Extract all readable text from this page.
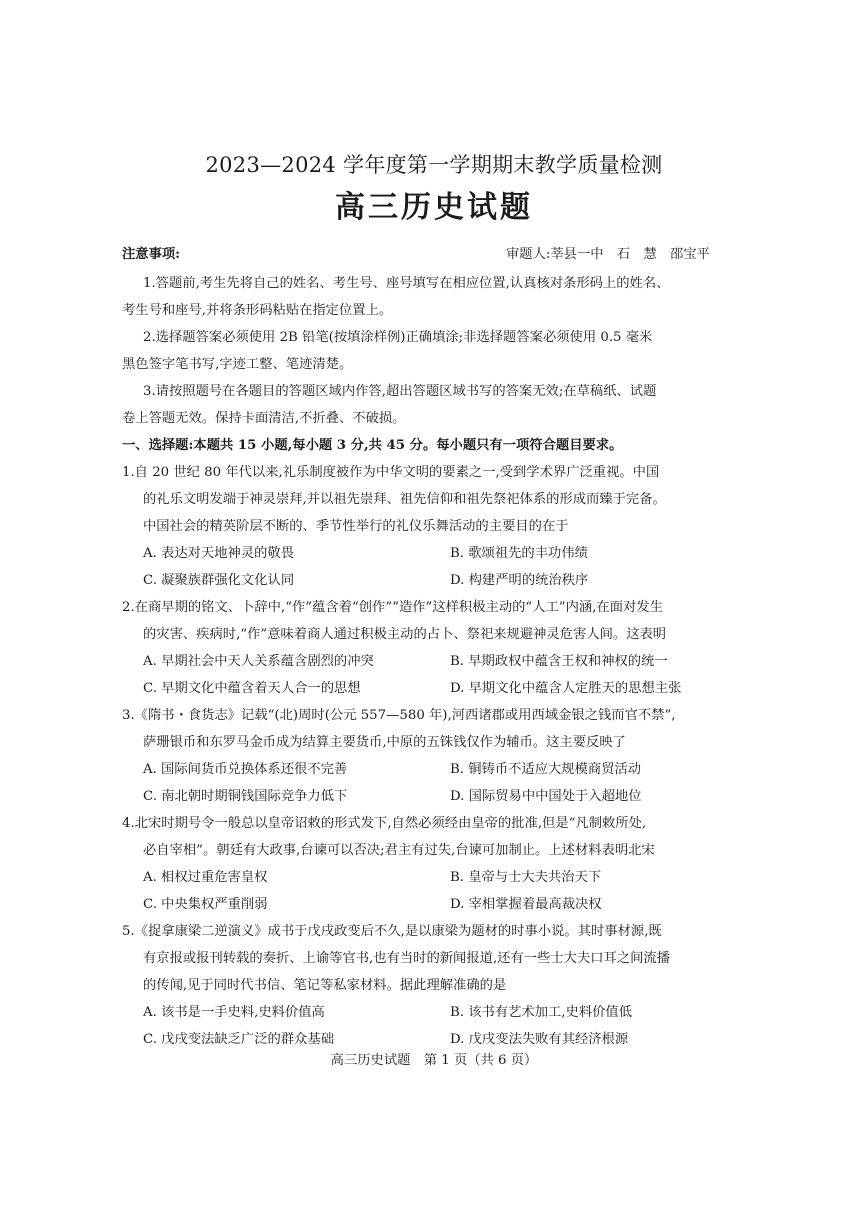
2023—2024 学年度第一学期期末教学质量检测
高三历史试题
注意事项:	审题人:莘县一中　石　慧　邵宝平
1.答题前,考生先将自己的姓名、考生号、座号填写在相应位置,认真核对条形码上的姓名、
考生号和座号,并将条形码粘贴在指定位置上。
2.选择题答案必须使用 2B 铅笔(按填涂样例)正确填涂;非选择题答案必须使用 0.5 毫米
黑色签字笔书写,字迹工整、笔迹清楚。
3.请按照题号在各题目的答题区域内作答,超出答题区域书写的答案无效;在草稿纸、试题
卷上答题无效。保持卡面清洁,不折叠、不破损。
一、选择题:本题共 15 小题,每小题 3 分,共 45 分。每小题只有一项符合题目要求。
1.自 20 世纪 80 年代以来,礼乐制度被作为中华文明的要素之一,受到学术界广泛重视。中国
的礼乐文明发端于神灵崇拜,并以祖先崇拜、祖先信仰和祖先祭祀体系的形成而臻于完备。
中国社会的精英阶层不断的、季节性举行的礼仪乐舞活动的主要目的在于
A. 表达对天地神灵的敬畏	B. 歌颂祖先的丰功伟绩
C. 凝聚族群强化文化认同	D. 构建严明的统治秩序
2.在商早期的铭文、卜辞中,“作”蕴含着“创作”“造作”这样积极主动的“人工”内涵,在面对发生
的灾害、疾病时,“作”意味着商人通过积极主动的占卜、祭祀来规避神灵危害人间。这表明
A. 早期社会中天人关系蕴含剧烈的冲突	B. 早期政权中蕴含王权和神权的统一
C. 早期文化中蕴含着天人合一的思想	D. 早期文化中蕴含人定胜天的思想主张
3.《隋书・食货志》记载“(北)周时(公元 557—580 年),河西诸郡或用西域金银之钱而官不禁”,
萨珊银币和东罗马金币成为结算主要货币,中原的五铢钱仅作为辅币。这主要反映了
A. 国际间货币兑换体系还很不完善	B. 铜铸币不适应大规模商贸活动
C. 南北朝时期铜钱国际竞争力低下	D. 国际贸易中中国处于入超地位
4.北宋时期号令一般总以皇帝诏敕的形式发下,自然必须经由皇帝的批准,但是“凡制敕所处,
必自宰相”。朝廷有大政事,台谏可以否决;君主有过失,台谏可加制止。上述材料表明北宋
A. 相权过重危害皇权	B. 皇帝与士大夫共治天下
C. 中央集权严重削弱	D. 宰相掌握着最高裁决权
5.《捉拿康梁二逆演义》成书于戊戌政变后不久,是以康梁为题材的时事小说。其时事材源,既
有京报或报刊转载的奏折、上谕等官书,也有当时的新闻报道,还有一些士大夫口耳之间流播
的传闻,见于同时代书信、笔记等私家材料。据此理解准确的是
A. 该书是一手史料,史料价值高	B. 该书有艺术加工,史料价值低
C. 戊戌变法缺乏广泛的群众基础	D. 戊戌变法失败有其经济根源
高三历史试题　第 1 页（共 6 页）
